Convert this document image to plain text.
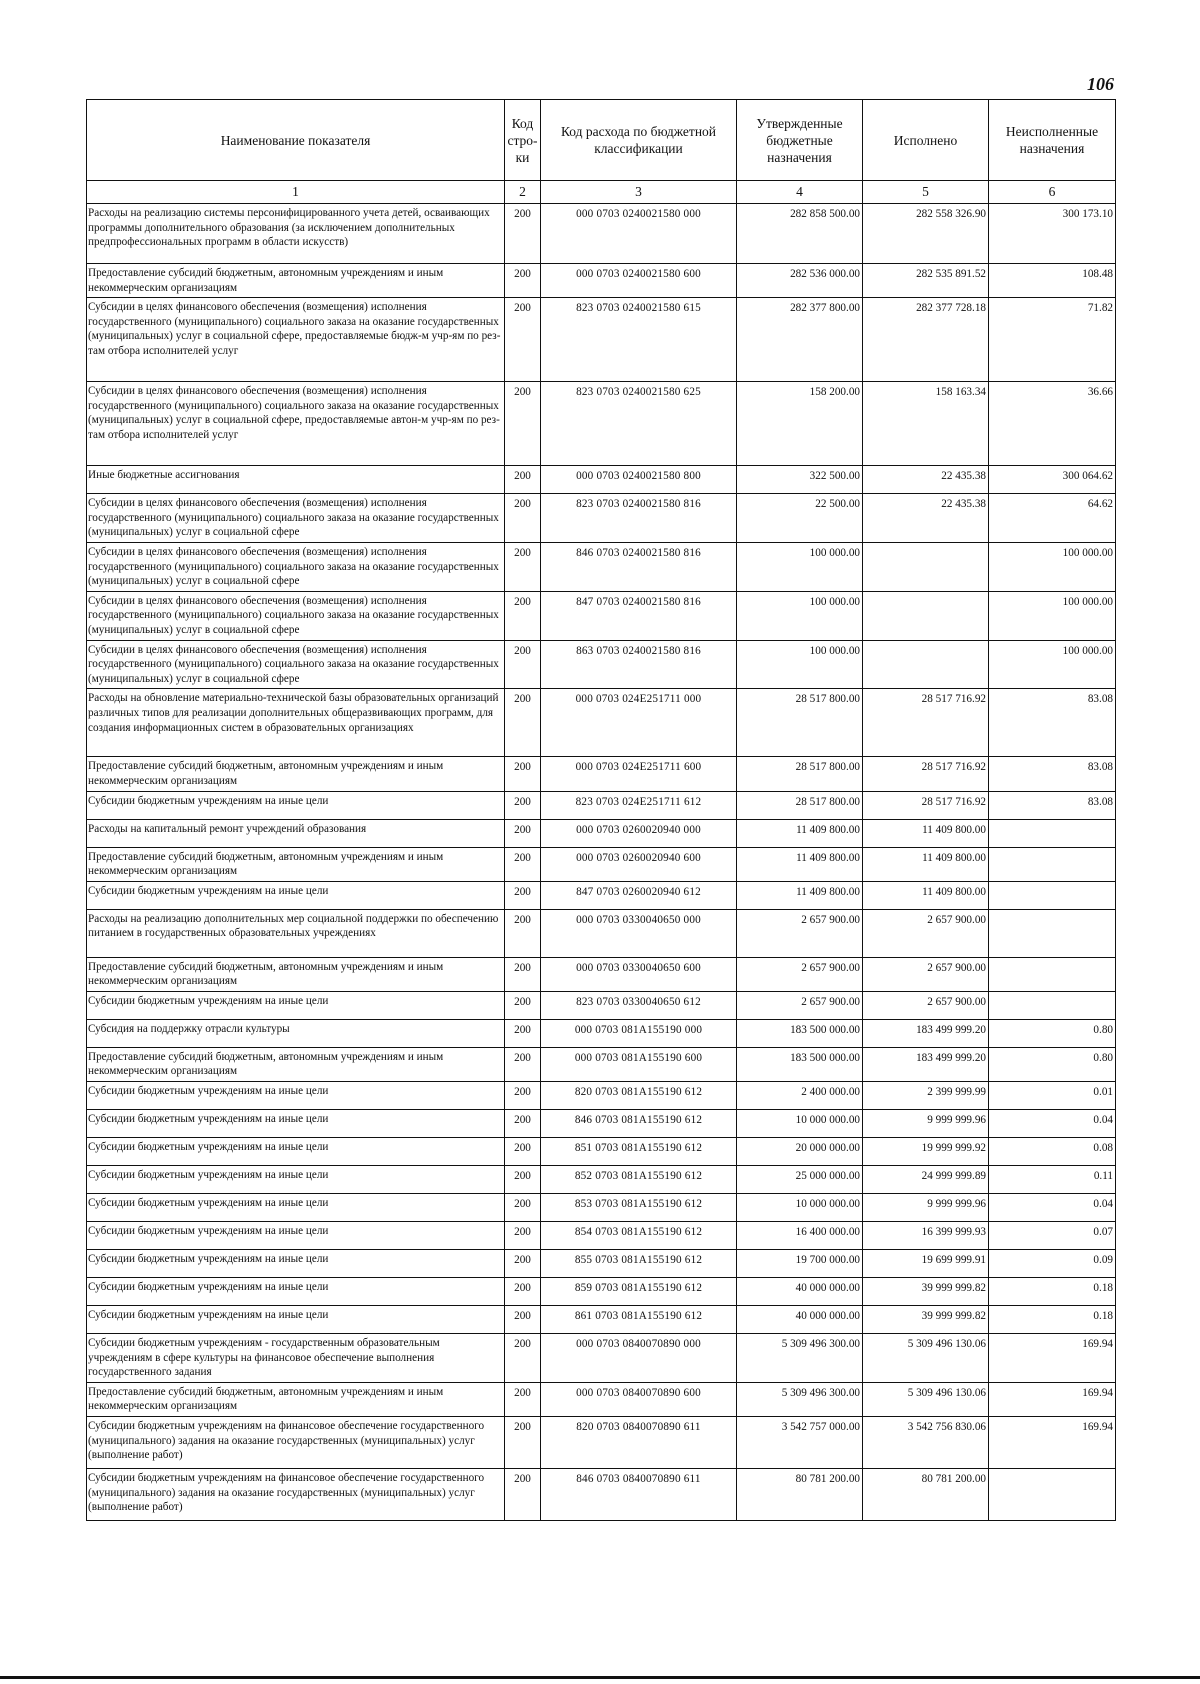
106
Наименование показателя	Код стро-ки	Код расхода по бюджетной классификации	Утвержденные бюджетные назначения	Исполнено	Неисполненные назначения
1	2	3	4	5	6
Расходы на реализацию системы персонифицированного учета детей, осваивающих программы дополнительного образования (за исключением дополнительных предпрофессиональных программ в области искусств)	200	000 0703 0240021580 000	282 858 500.00	282 558 326.90	300 173.10
Предоставление субсидий бюджетным, автономным учреждениям и иным некоммерческим организациям	200	000 0703 0240021580 600	282 536 000.00	282 535 891.52	108.48
Субсидии в целях финансового обеспечения (возмещения) исполнения государственного (муниципального) социального заказа на оказание государственных (муниципальных) услуг в социальной сфере, предоставляемые бюдж-м учр-ям по рез-там отбора исполнителей услуг	200	823 0703 0240021580 615	282 377 800.00	282 377 728.18	71.82
Субсидии в целях финансового обеспечения (возмещения) исполнения государственного (муниципального) социального заказа на оказание государственных (муниципальных) услуг в социальной сфере, предоставляемые автон-м учр-ям по рез-там отбора исполнителей услуг	200	823 0703 0240021580 625	158 200.00	158 163.34	36.66
Иные бюджетные ассигнования	200	000 0703 0240021580 800	322 500.00	22 435.38	300 064.62
Субсидии в целях финансового обеспечения (возмещения) исполнения государственного (муниципального) социального заказа на оказание государственных (муниципальных) услуг в социальной сфере	200	823 0703 0240021580 816	22 500.00	22 435.38	64.62
Субсидии в целях финансового обеспечения (возмещения) исполнения государственного (муниципального) социального заказа на оказание государственных (муниципальных) услуг в социальной сфере	200	846 0703 0240021580 816	100 000.00		100 000.00
Субсидии в целях финансового обеспечения (возмещения) исполнения государственного (муниципального) социального заказа на оказание государственных (муниципальных) услуг в социальной сфере	200	847 0703 0240021580 816	100 000.00		100 000.00
Субсидии в целях финансового обеспечения (возмещения) исполнения государственного (муниципального) социального заказа на оказание государственных (муниципальных) услуг в социальной сфере	200	863 0703 0240021580 816	100 000.00		100 000.00
Расходы на обновление материально-технической базы образовательных организаций различных типов для реализации дополнительных общеразвивающих программ, для создания информационных систем в образовательных организациях	200	000 0703 024E251711 000	28 517 800.00	28 517 716.92	83.08
Предоставление субсидий бюджетным, автономным учреждениям и иным некоммерческим организациям	200	000 0703 024E251711 600	28 517 800.00	28 517 716.92	83.08
Субсидии бюджетным учреждениям на иные цели	200	823 0703 024E251711 612	28 517 800.00	28 517 716.92	83.08
Расходы на капитальный ремонт учреждений образования	200	000 0703 0260020940 000	11 409 800.00	11 409 800.00	
Предоставление субсидий бюджетным, автономным учреждениям и иным некоммерческим организациям	200	000 0703 0260020940 600	11 409 800.00	11 409 800.00	
Субсидии бюджетным учреждениям на иные цели	200	847 0703 0260020940 612	11 409 800.00	11 409 800.00	
Расходы на реализацию дополнительных мер социальной поддержки по обеспечению питанием в государственных образовательных учреждениях	200	000 0703 0330040650 000	2 657 900.00	2 657 900.00	
Предоставление субсидий бюджетным, автономным учреждениям и иным некоммерческим организациям	200	000 0703 0330040650 600	2 657 900.00	2 657 900.00	
Субсидии бюджетным учреждениям на иные цели	200	823 0703 0330040650 612	2 657 900.00	2 657 900.00	
Субсидия на поддержку отрасли культуры	200	000 0703 081A155190 000	183 500 000.00	183 499 999.20	0.80
Предоставление субсидий бюджетным, автономным учреждениям и иным некоммерческим организациям	200	000 0703 081A155190 600	183 500 000.00	183 499 999.20	0.80
Субсидии бюджетным учреждениям на иные цели	200	820 0703 081A155190 612	2 400 000.00	2 399 999.99	0.01
Субсидии бюджетным учреждениям на иные цели	200	846 0703 081A155190 612	10 000 000.00	9 999 999.96	0.04
Субсидии бюджетным учреждениям на иные цели	200	851 0703 081A155190 612	20 000 000.00	19 999 999.92	0.08
Субсидии бюджетным учреждениям на иные цели	200	852 0703 081A155190 612	25 000 000.00	24 999 999.89	0.11
Субсидии бюджетным учреждениям на иные цели	200	853 0703 081A155190 612	10 000 000.00	9 999 999.96	0.04
Субсидии бюджетным учреждениям на иные цели	200	854 0703 081A155190 612	16 400 000.00	16 399 999.93	0.07
Субсидии бюджетным учреждениям на иные цели	200	855 0703 081A155190 612	19 700 000.00	19 699 999.91	0.09
Субсидии бюджетным учреждениям на иные цели	200	859 0703 081A155190 612	40 000 000.00	39 999 999.82	0.18
Субсидии бюджетным учреждениям на иные цели	200	861 0703 081A155190 612	40 000 000.00	39 999 999.82	0.18
Субсидии бюджетным учреждениям - государственным образовательным учреждениям в сфере культуры на финансовое обеспечение выполнения государственного задания	200	000 0703 0840070890 000	5 309 496 300.00	5 309 496 130.06	169.94
Предоставление субсидий бюджетным, автономным учреждениям и иным некоммерческим организациям	200	000 0703 0840070890 600	5 309 496 300.00	5 309 496 130.06	169.94
Субсидии бюджетным учреждениям на финансовое обеспечение государственного (муниципального) задания на оказание государственных (муниципальных) услуг (выполнение работ)	200	820 0703 0840070890 611	3 542 757 000.00	3 542 756 830.06	169.94
Субсидии бюджетным учреждениям на финансовое обеспечение государственного (муниципального) задания на оказание государственных (муниципальных) услуг (выполнение работ)	200	846 0703 0840070890 611	80 781 200.00	80 781 200.00	
